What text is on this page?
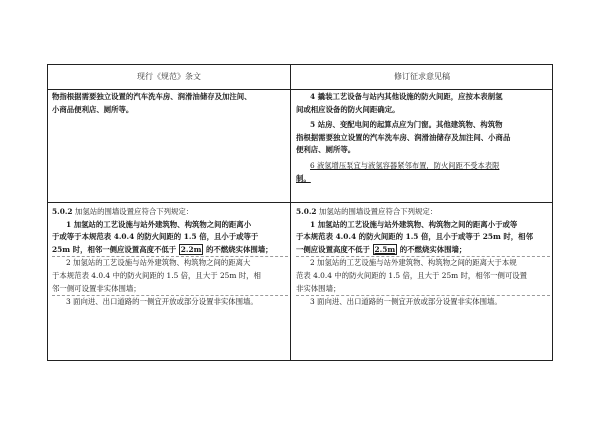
现行《规范》条文	修订征求意见稿

物指根据需要独立设置的汽车洗车房、润滑油储存及加注间、

小商品便利店、厕所等。

4 撬装工艺设备与站内其他设施的防火间距，应按本表制氢

间或相应设备的防火间距确定。

5 站房、变配电间的起算点应为门窗。其他建筑物、构筑物

指根据需要独立设置的汽车洗车房、润滑油储存及加注间、小商品

便利店、厕所等。

6 液氢增压泵宜与液氢容器紧邻布置，防火间距不受本表限

制。

5.0.2 加氢站的围墙设置应符合下列规定：

1 加氢站的工艺设施与站外建筑物、构筑物之间的距离小

于或等于本规范表 4.0.4 的防火间距的 1.5 倍，且小于或等于

25m 时，相邻一侧应设置高度不低于 2.2m 的不燃烧实体围墙；

2 加氢站的工艺设施与站外建筑物、构筑物之间的距离大

于本规范表 4.0.4 中的防火间距的 1.5 倍，且大于 25m 时，相

邻一侧可设置非实体围墙；

3 面向进、出口道路的一侧宜开放或部分设置非实体围墙。

5.0.2 加氢站的围墙设置应符合下列规定：

1 加氢站的工艺设施与站外建筑物、构筑物之间的距离小于或等

于本规范表 4.0.4 的防火间距的 1.5 倍，且小于或等于 25m 时，相邻

一侧应设置高度不低于 2.5m 的不燃烧实体围墙；

2 加氢站的工艺设施与站外建筑物、构筑物之间的距离大于本规

范表 4.0.4 中的防火间距的 1.5 倍，且大于 25m 时，相邻一侧可设置

非实体围墙；

3 面向进、出口道路的一侧宜开放或部分设置非实体围墙。
